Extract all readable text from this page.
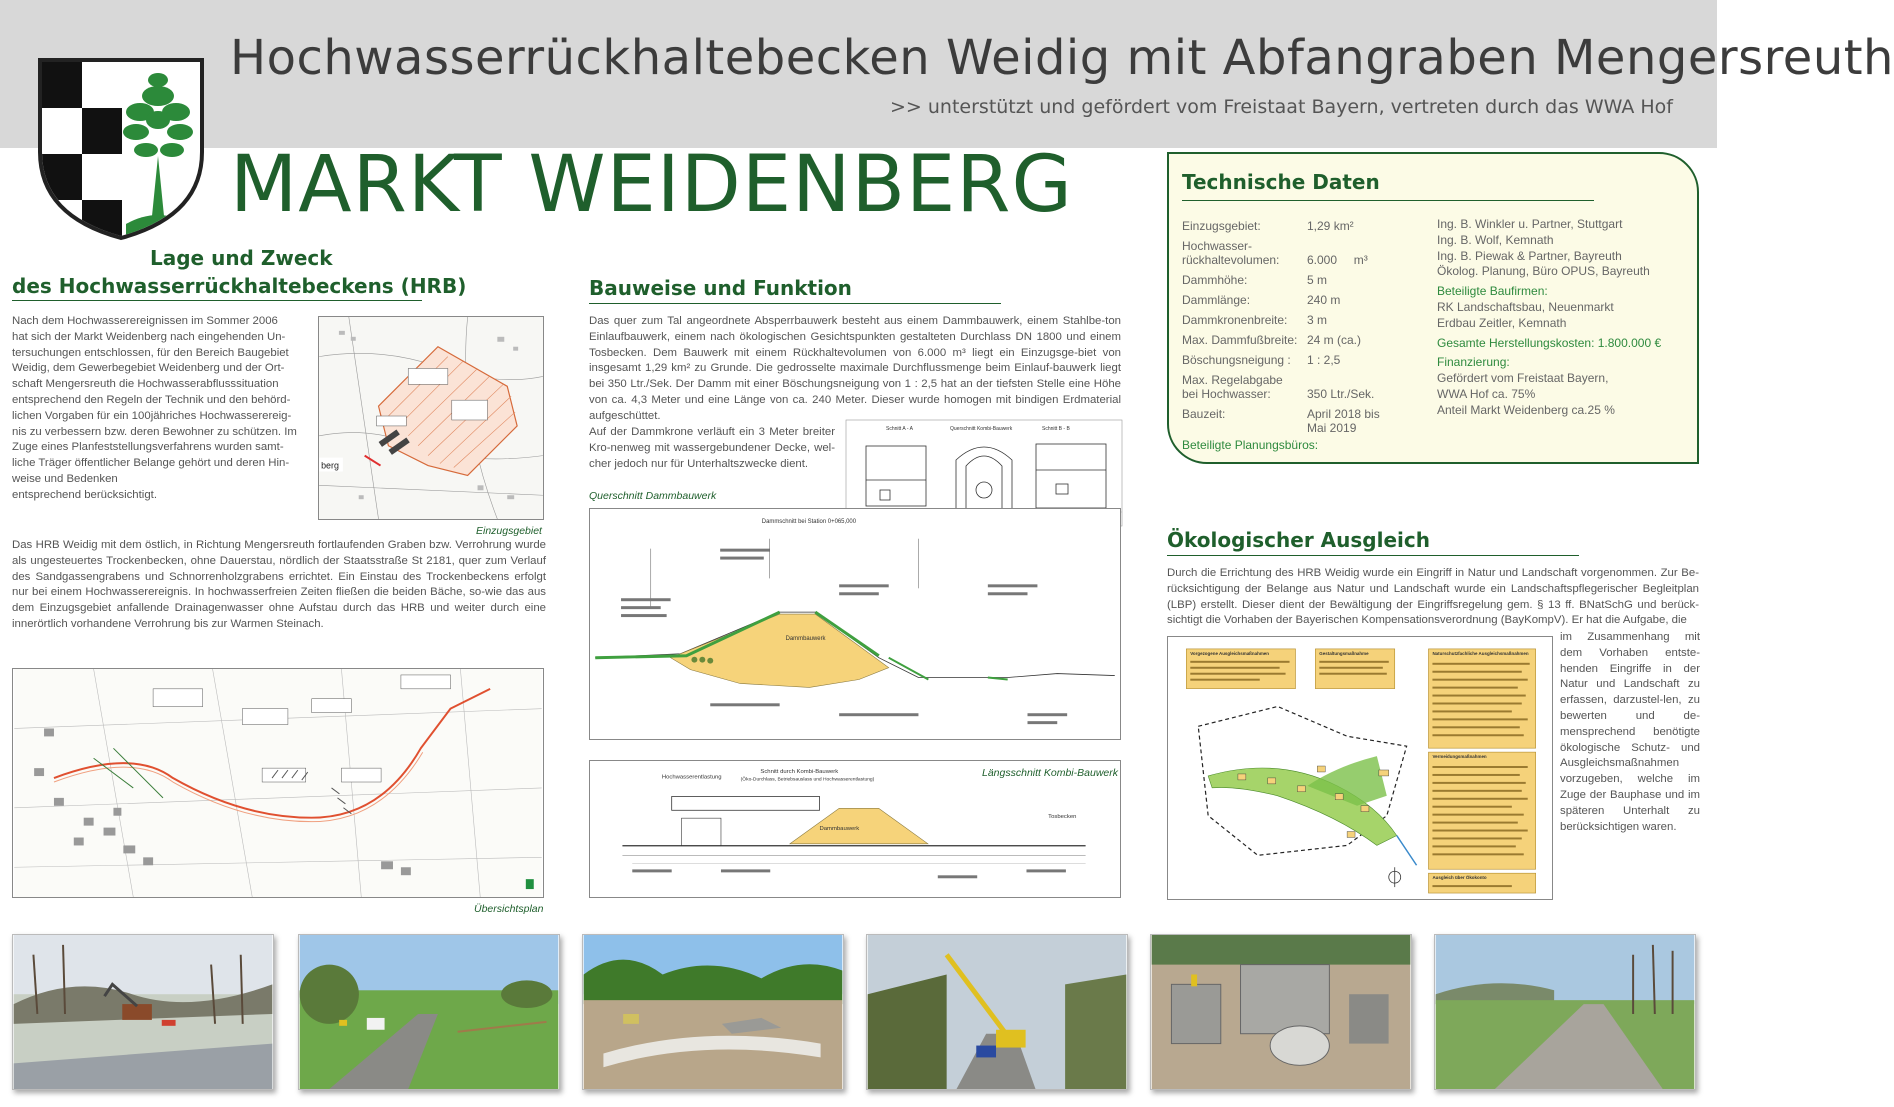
Hochwasserrückhaltebecken Weidig mit Abfangraben Mengersreuth
>> unterstützt und gefördert vom Freistaat Bayern, vertreten durch das WWA Hof
MARKT WEIDENBERG
Lage und Zweck
des Hochwasserrückhaltebeckens (HRB)
Nach dem Hochwasserereignissen im Sommer 2006
hat sich der Markt Weidenberg nach eingehenden Un-
tersuchungen entschlossen, für den Bereich Baugebiet
Weidig, dem Gewerbegebiet Weidenberg und der Ort-
schaft Mengersreuth die Hochwasserabflusssituation
entsprechend den Regeln der Technik und den behörd-
lichen Vorgaben für ein 100jähriches Hochwasserereig-
nis zu verbessern bzw. deren Bewohner zu schützen. Im
Zuge eines Planfeststellungsverfahrens wurden samt-
liche Träger öffentlicher Belange gehört und deren Hin-
weise und Bedenken
entsprechend berücksichtigt.
berg
Einzugsgebiet
Das HRB Weidig mit dem östlich, in Richtung Mengersreuth fortlaufenden Graben bzw. Verrohrung wurde als ungesteuertes Trockenbecken, ohne Dauerstau, nördlich der Staatsstraße St 2181, quer zum Verlauf des Sandgassengrabens und Schnorrenholzgrabens errichtet. Ein Einstau des Trockenbeckens erfolgt nur bei einem Hochwasserereignis. In hochwasserfreien Zeiten fließen die beiden Bäche, so-wie das aus dem Einzugsgebiet anfallende Drainagenwasser ohne Aufstau durch das HRB und weiter durch eine innerörtlich vorhandene Verrohrung bis zur Warmen Steinach.
Übersichtsplan
Bauweise und Funktion
Das quer zum Tal angeordnete Absperrbauwerk besteht aus einem Dammbauwerk, einem Stahlbe-ton Einlaufbauwerk, einem nach ökologischen Gesichtspunkten gestalteten Durchlass DN 1800 und einem Tosbecken. Dem Bauwerk mit einem Rückhaltevolumen von 6.000 m³ liegt ein Einzugsge-biet von insgesamt 1,29 km² zu Grunde. Die gedrosselte maximale Durchflussmenge beim Einlauf-bauwerk liegt bei 350 Ltr./Sek. Der Damm mit einer Böschungsneigung von 1 : 2,5 hat an der tiefsten Stelle eine Höhe von ca. 4,3 Meter und eine Länge von ca. 240 Meter. Dieser wurde homogen mit bindigen Erdmaterial aufgeschüttet.
Auf der Dammkrone verläuft ein 3 Meter breiter Kro-nenweg mit wassergebundener Decke, wel-cher jedoch nur für Unterhaltszwecke dient.
Schnitt A - A	Querschnitt Kombi-Bauwerk	Schnitt B - B
Querschnitt Dammbauwerk
Dammschnitt bei Station 0+065,000
Dammbauwerk
Schnitt durch Kombi-Bauwerk
(Öko-Durchlass, Betriebsauslass und Hochwasserentlastung)
Hochwasserentlastung
Tosbecken
Dammbauwerk
Längsschnitt Kombi-Bauwerk
Technische Daten
Einzugsgebiet:	1,29 km²
Hochwasser-
rückhaltevolumen: 6.000     m³
Dammhöhe:	5 m
Dammlänge:	240 m
Dammkronenbreite: 3 m
Max. Dammfußbreite: 24 m (ca.)
Böschungsneigung : 1 : 2,5
Max. Regelabgabe
bei Hochwasser:	350 Ltr./Sek.
Bauzeit:	April 2018 bis
Mai 2019
Beteiligte Planungsbüros:
Ing. B. Winkler u. Partner, Stuttgart
Ing. B. Wolf, Kemnath
Ing. B. Piewak & Partner, Bayreuth
Ökolog. Planung, Büro OPUS, Bayreuth
Beteiligte Baufirmen:
RK Landschaftsbau, Neuenmarkt
Erdbau Zeitler, Kemnath
Gesamte Herstellungskosten: 1.800.000 €
Finanzierung:
Gefördert vom Freistaat Bayern,
WWA Hof ca. 75%
Anteil Markt Weidenberg ca.25 %
Ökologischer Ausgleich
Durch die Errichtung des HRB Weidig wurde ein Eingriff in Natur und Landschaft vorgenommen. Zur Be-rücksichtigung der Belange aus Natur und Landschaft wurde ein Landschaftspflegerischer Begleitplan (LBP) erstellt. Dieser dient der Bewältigung der Eingriffsregelung gem. § 13 ff. BNatSchG und berück-sichtigt die Vorhaben der Bayerischen Kompensationsverordnung (BayKompV). Er hat die Aufgabe, die
im Zusammenhang mit dem Vorhaben entste-henden Eingriffe in der Natur und Landschaft zu erfassen, darzustel-len, zu bewerten und de-mensprechend benötigte ökologische Schutz- und Ausgleichsmaßnahmen vorzugeben, welche im Zuge der Bauphase und im späteren Unterhalt zu berücksichtigen waren.
Vorgezogene Ausgleichsmaßnahmen	Gestaltungsmaßnahme	Naturschutzfachliche Ausgleichsmaßnahmen
Vermeidungsmaßnahmen
Ausgleich über Ökokonto
